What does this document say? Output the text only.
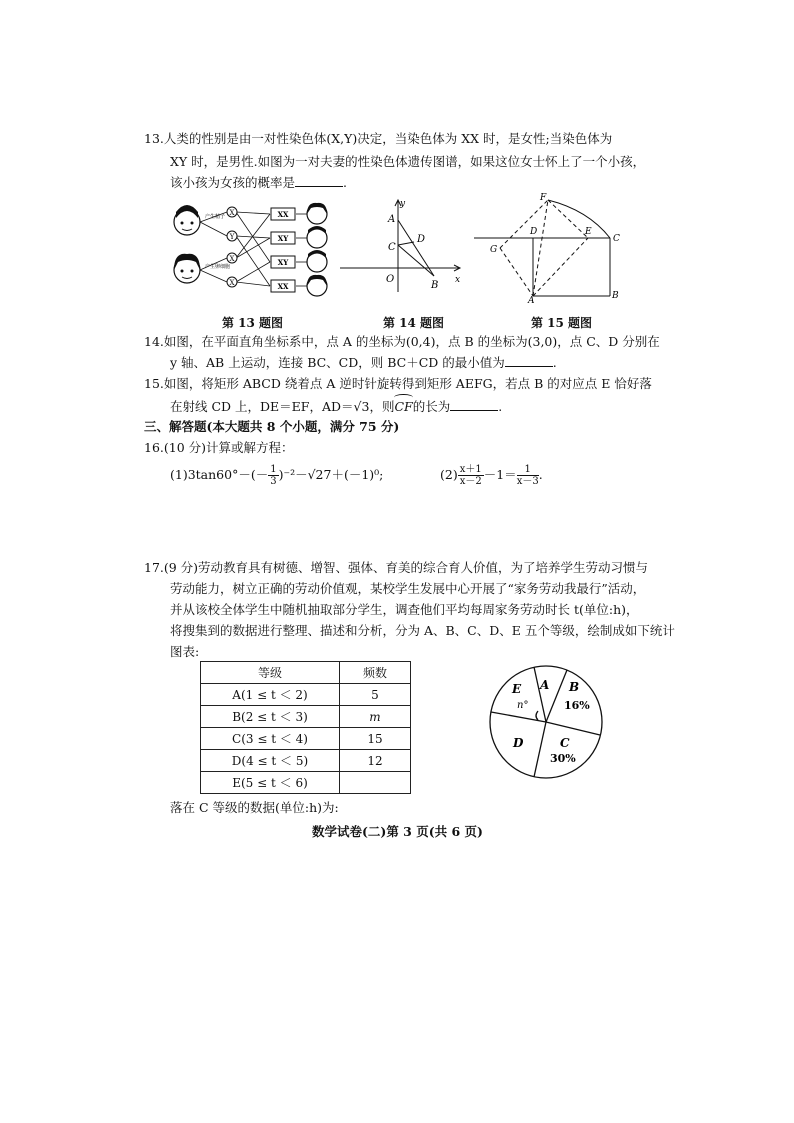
13.人类的性别是由一对性染色体(X,Y)决定，当染色体为 XX 时，是女性;当染色体为
XY 时，是男性.如图为一对夫妻的性染色体遗传图谱，如果这位女士怀上了一个小孩，
该小孩为女孩的概率是	.
产生精子
产生卵细胞
X
Y
X
X
XX
XY
XY
XX
y
A
C
D
O
B x
F
D	E
C
G
A	B
第 13 题图	第 14 题图	第 15 题图
14.如图，在平面直角坐标系中，点 A 的坐标为(0,4)，点 B 的坐标为(3,0)，点 C、D 分别在
y 轴、AB 上运动，连接 BC、CD，则 BC＋CD 的最小值为	.
15.如图，将矩形 ABCD 绕着点 A 逆时针旋转得到矩形 AEFG，若点 B 的对应点 E 恰好落
在射线 CD 上，DE＝EF，AD＝√3，则
CF的长为	.
三、解答题(本大题共 8 个小题，满分 75 分)
16.(10 分)计算或解方程：
$(1)3\tan 60^\circ-(- \frac{1}{3} )^{-2}-√27+(-1)^0$;	$(2) \frac{x+1}{x-2} -1= \frac{1}{x-3}$ .
17.(9 分)劳动教育具有树德、增智、强体、育美的综合育人价值，为了培养学生劳动习惯与
劳动能力，树立正确的劳动价值观，某校学生发展中心开展了“家务劳动我最行”活动，
并从该校全体学生中随机抽取部分学生，调查他们平均每周家务劳动时长 t(单位:h)，
将搜集到的数据进行整理、描述和分析，分为 A、B、C、D、E 五个等级，绘制成如下统计
图表:
等级	频数
A(1 ≤ t ＜ 2)	5
B(2 ≤ t ＜ 3)	m
C(3 ≤ t ＜ 4)	15
D(4 ≤ t ＜ 5)	12
E(5 ≤ t ＜ 6)	
A B
16%
C
30%
D
E
n°
落在 C 等级的数据(单位:h)为:
数学试卷(二)第 3 页(共 6 页)
